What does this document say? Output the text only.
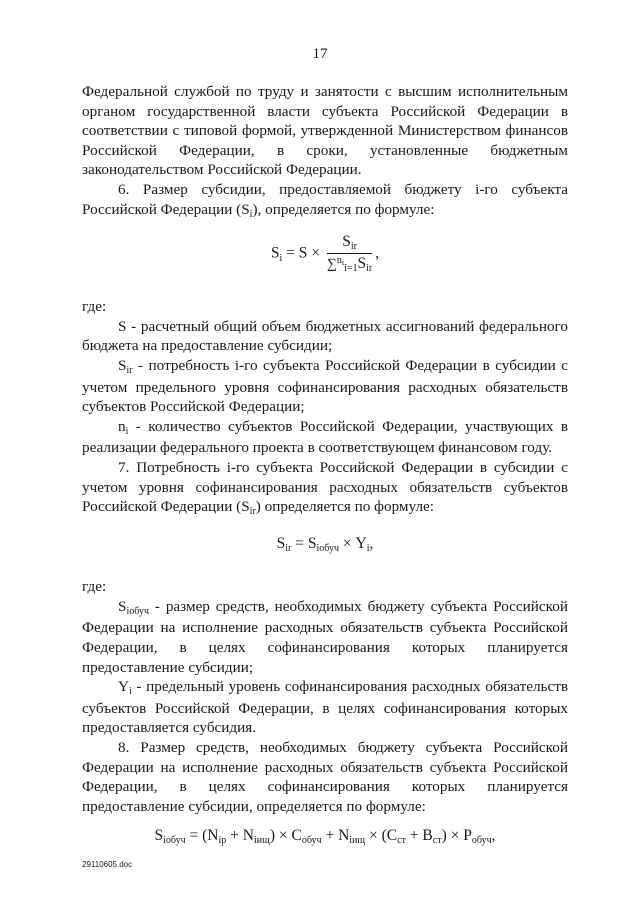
17

Федеральной службой по труду и занятости с высшим исполнительным органом государственной власти субъекта Российской Федерации в соответствии с типовой формой, утвержденной Министерством финансов Российской Федерации, в сроки, установленные бюджетным законодательством Российской Федерации.

6. Размер субсидии, предоставляемой бюджету i-го субъекта Российской Федерации $(S_i)$, определяется по формуле:

$S_i = S \times \frac{S_{ir}}{\sum^{ni}_{i=1}S_{ir}}$ ,

где:

S - расчетный общий объем бюджетных ассигнований федерального бюджета на предоставление субсидии;

$S_{ir}$ - потребность i-го субъекта Российской Федерации в субсидии с учетом предельного уровня софинансирования расходных обязательств субъектов Российской Федерации;

$n_i$ - количество субъектов Российской Федерации, участвующих в реализации федерального проекта в соответствующем финансовом году.

7. Потребность i-го субъекта Российской Федерации в субсидии с учетом уровня софинансирования расходных обязательств субъектов Российской Федерации $(S_{ir})$ определяется по формуле:

$S_{ir} = S_{iобуч} \times Y_i$,

где:

$S_{iобуч}$ - размер средств, необходимых бюджету субъекта Российской Федерации на исполнение расходных обязательств субъекта Российской Федерации, в целях софинансирования которых планируется предоставление субсидии;

$Y_i$ - предельный уровень софинансирования расходных обязательств субъектов Российской Федерации, в целях софинансирования которых предоставляется субсидия.

8. Размер средств, необходимых бюджету субъекта Российской Федерации на исполнение расходных обязательств субъекта Российской Федерации, в целях софинансирования которых планируется предоставление субсидии, определяется по формуле:

$S_{iобуч} = (N_{ip} + N_{iищ}) \times C_{обуч} + N_{iищ} \times (C_{ст} + B_{ст}) \times P_{обуч}$,
29110605.doc
